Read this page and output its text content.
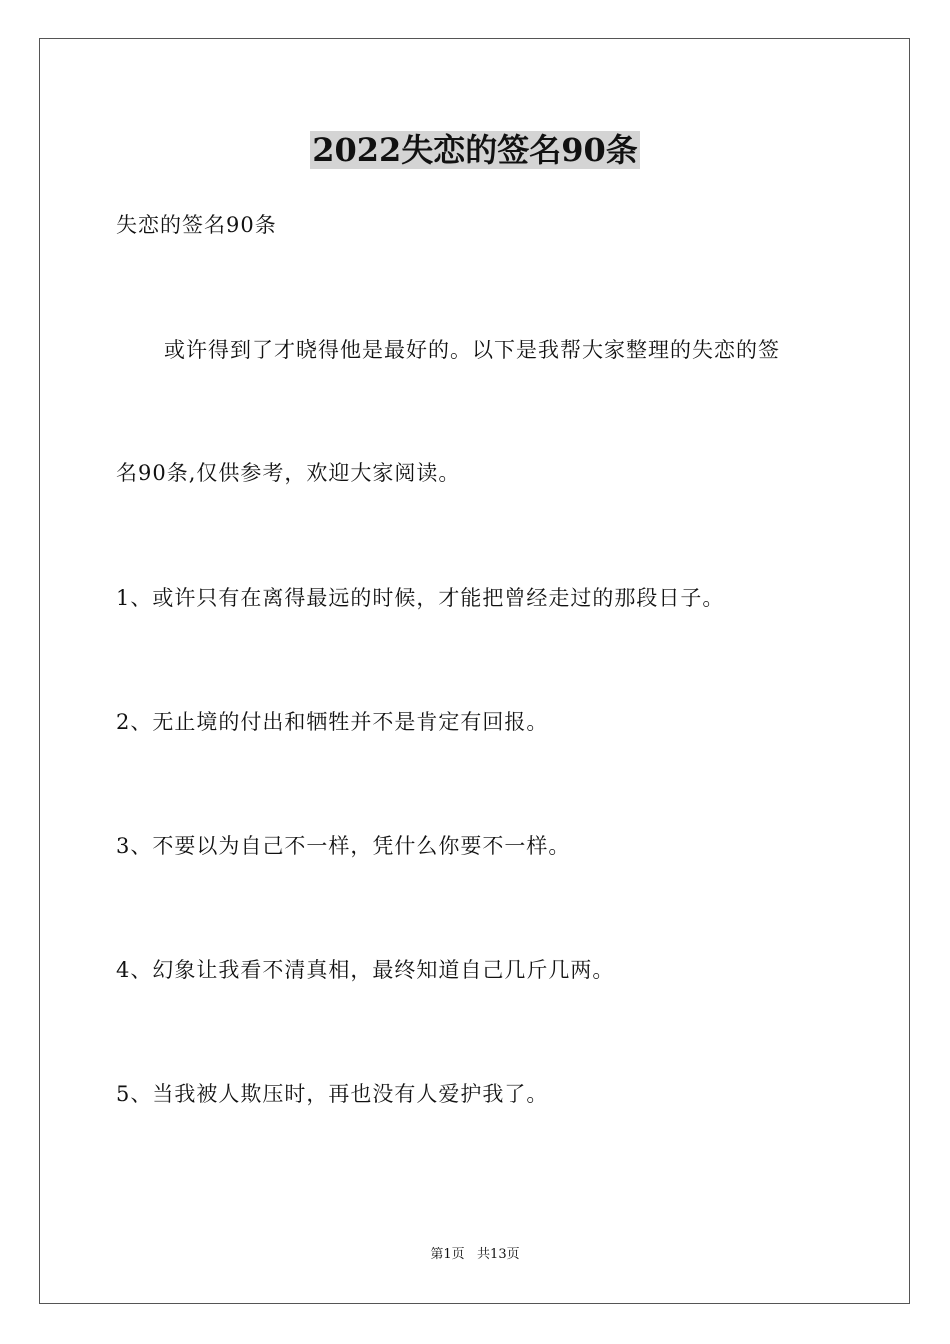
2022失恋的签名90条
失恋的签名90条
或许得到了才晓得他是最好的。以下是我帮大家整理的失恋的签
名90条,仅供参考，欢迎大家阅读。
1、或许只有在离得最远的时候，才能把曾经走过的那段日子。
2、无止境的付出和牺牲并不是肯定有回报。
3、不要以为自己不一样，凭什么你要不一样。
4、幻象让我看不清真相，最终知道自己几斤几两。
5、当我被人欺压时，再也没有人爱护我了。
第1页   共13页
